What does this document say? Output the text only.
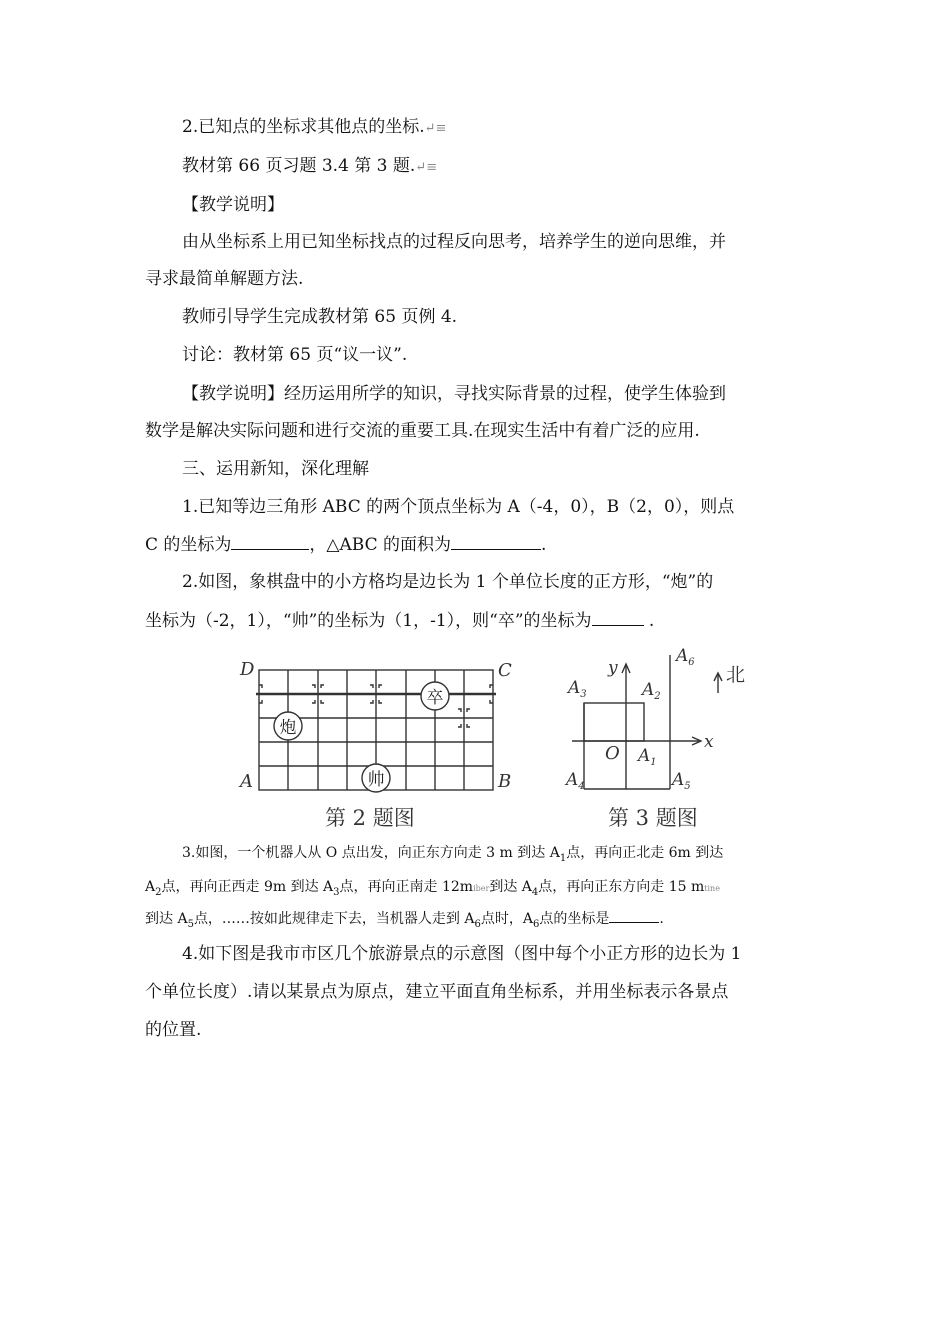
2.已知点的坐标求其他点的坐标.↵≡
教材第 66 页习题 3.4 第 3 题.↵≡
【教学说明】
由从坐标系上用已知坐标找点的过程反向思考，培养学生的逆向思维，并
寻求最简单解题方法.
教师引导学生完成教材第 65 页例 4.
讨论：教材第 65 页“议一议”.
【教学说明】经历运用所学的知识，寻找实际背景的过程，使学生体验到
数学是解决实际问题和进行交流的重要工具.在现实生活中有着广泛的应用.
三、运用新知，深化理解
1.已知等边三角形 ABC 的两个顶点坐标为 A（-4，0），B（2，0），则点
C 的坐标为	，△ABC 的面积为	.
2.如图，象棋盘中的小方格均是边长为 1 个单位长度的正方形，“炮”的
坐标为（-2，1），“帅”的坐标为（1，-1），则“卒”的坐标为	.
炮
卒
帅
D	C
A	B
第 2 题图
y
x
O
北
$A_1$
$A_2$
$A_3$
$A_4$	$A_5$
$A_6$
第 3 题图
3.如图，一个机器人从 O 点出发，向正东方向走 3 m 到达 $A_1$点，再向正北走 6m 到达
$A_2$点，再向正西走 9m 到达 $A_3$点，再向正南走 12miber到达 $A_4$点，再向正东方向走 15 mtine
到达 $A_5$点，……按如此规律走下去，当机器人走到 $A_6$点时，$A_6$点的坐标是	.
4.如下图是我市市区几个旅游景点的示意图（图中每个小正方形的边长为 1
个单位长度）.请以某景点为原点，建立平面直角坐标系，并用坐标表示各景点
的位置.
